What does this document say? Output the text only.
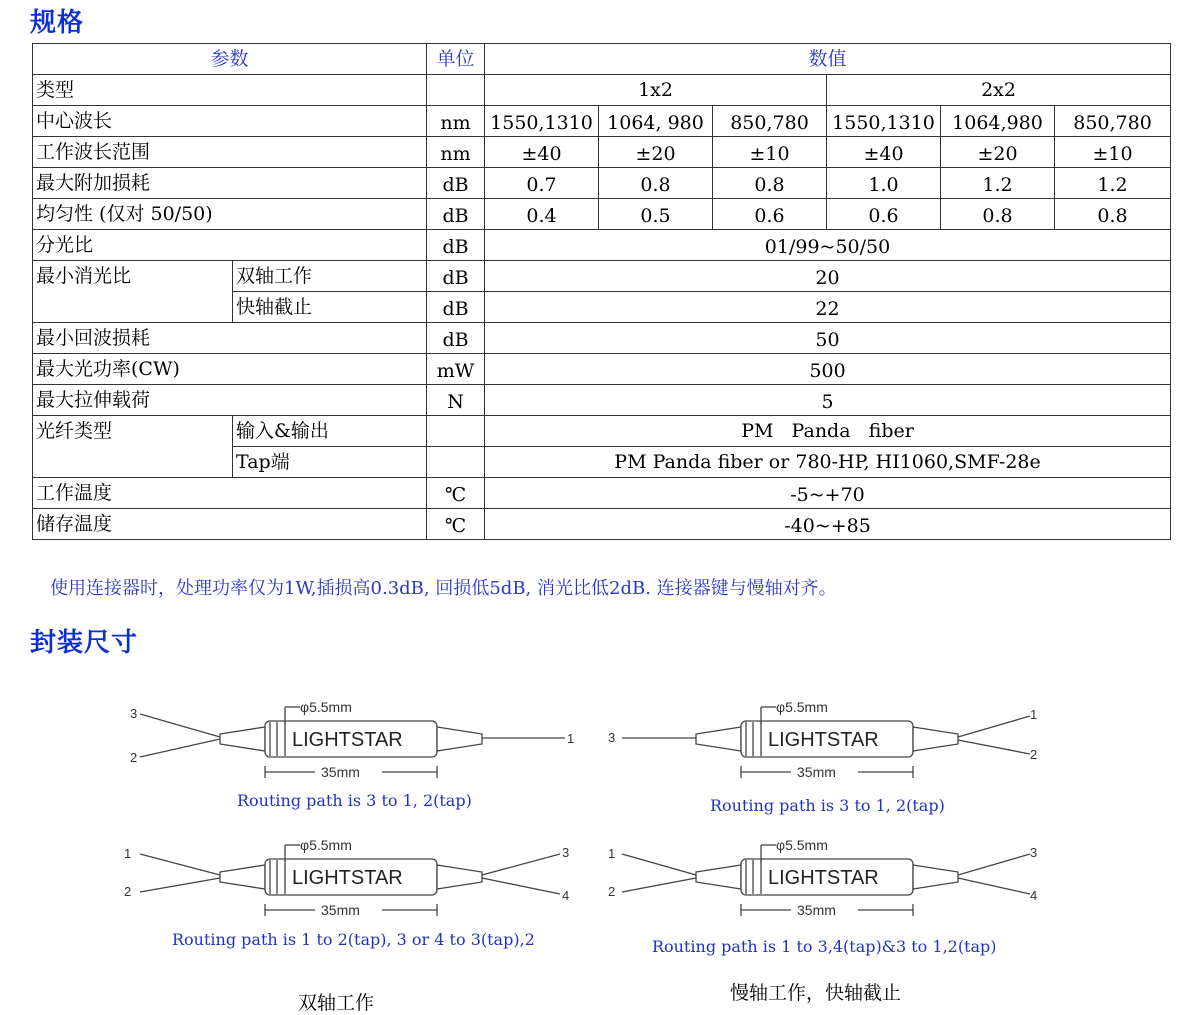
规格
参数		单位	数值					
类型			1x2			2x2		
中心波长		nm	1550,1310	1064, 980	850,780	1550,1310	1064,980	850,780
工作波长范围		nm	±40	±20	±10	±40	±20	±10
最大附加损耗		dB	0.7	0.8	0.8	1.0	1.2	1.2
均匀性 (仅对 50/50)		dB	0.4	0.5	0.6	0.6	0.8	0.8
分光比		dB	01/99~50/50					
最小消光比	双轴工作	dB	20					
	快轴截止	dB	22					
最小回波损耗		dB	50					
最大光功率(CW)		mW	500					
最大拉伸载荷		N	5					
光纤类型	输入&输出		PM   Panda   fiber					
	Tap端		PM Panda fiber or 780-HP, HI1060,SMF-28e					
工作温度		℃	-5~+70					
储存温度		℃	-40~+85					
使用连接器时，处理功率仅为1W,插损高0.3dB, 回损低5dB, 消光比低2dB. 连接器键与慢轴对齐。
封装尺寸
3
2
1
φ5.5mm
LIGHTSTAR
35mm
Routing path is 3 to 1, 2(tap)
3
1
2
φ5.5mm
LIGHTSTAR
35mm
Routing path is 3 to 1, 2(tap)
1
2
3
4
φ5.5mm
LIGHTSTAR
35mm
Routing path is 1 to 2(tap), 3 or 4 to 3(tap),2
1
2
3
4
φ5.5mm
LIGHTSTAR
35mm
Routing path is 1 to 3,4(tap)&3 to 1,2(tap)
双轴工作	慢轴工作，快轴截止
